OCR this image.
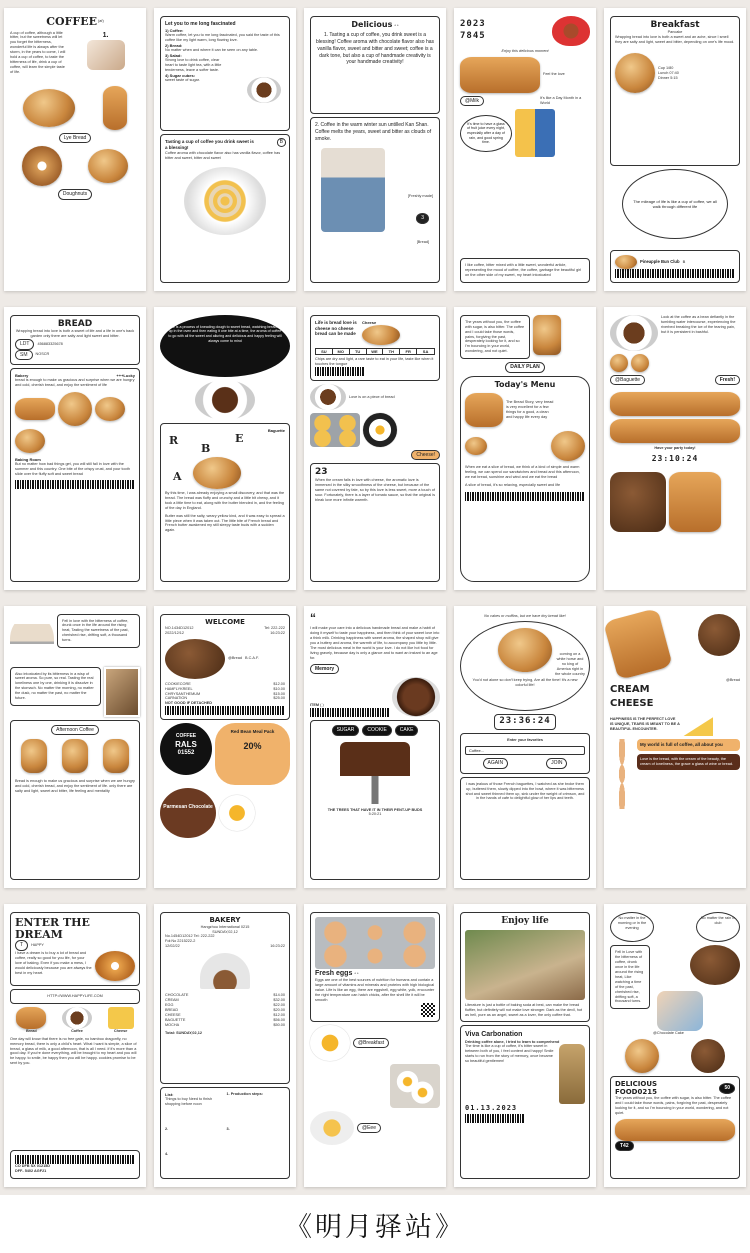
COFFEE (af)
A cup of coffee, although a little bitter, but the sweetness will let you forget the bitterness, wonderful life is always after the storm, in the years to come, I will hold a cup of coffee, to taste the bitterness of life, drink a cup of coffee, will learn the simple taste of life.
1.
Lye Bread
Doughnuts
Let you to me long fascinated
1) Coffee:
Warm coffee, let you to me long fascinated, you said the taste of this coffee like my light warm, long flowing love.
2) Bread:
No matter when and where it can be seen on any table.
3) Salad:
Strong love to drink coffee, clear heart to taste light tea, with a little tenderness, leave a softer taste.
4) Sugar cubes:
sweet taste of sugar.
Tasting a cup of coffee you drink sweet is a blessing!
Coffee aroma with chocolate flavor also has vanilla flavor, coffee has bitter and sweet, bitter and sweet
B
Delicious * *
1. Tasting a cup of coffee, you drink sweet is a blessing! Coffee aroma with chocolate flavor also has vanilla flavor, sweet and bitter and sweet; coffee is a dark tone, but also a cup of handmade creativity is your handmade creativity!
2. Coffee in the warm winter sun untilled Kan Shan. Coffee melts the years, sweet and bitter as clouds of smoke.
[Freshly made]
3
[Bread]
2023
7845
Enjoy this delicious moment
Feel the love
@Milk	It's like a Day Month in a World
It's time to have a glass of fruit juice every night, especially after a day of rain, and good spring time.
I like coffee, bitter mixed with a little sweet, wonderful article, representing the mood of coffee, the coffee, garbage the beautiful girl on the other side of my sweet, my heart intoxicated
Breakfast
Pancake
Wrapping bread into love is both a sweet and an ache, since I smell they are salty and light, sweet and bitter, depending on one's life mood.
Cup 1/80
Lunch 07:40
Dinner 5:15
The mileage of life is like a cup of coffee, we all walk through different life
Pineapple Bun Club B
BREAD
Wrapping bread into love is both a sweet of life and a life in one's back garden only there are salty and light sweet and bitter.
LDT	456883325678
SM	NOSCR
Bakery	+++Lucky
bread is enough to make us gracious and surprise when we are hungry and cold, cherish bread, and enjoy the sentiment of life
Baking Room
But no matter how bad things get, you will still fall in love with the summer and this country. One bite of the crispy crust, and your tooth slide over the fluffy soft and sweet bread
Life is a process of kneading dough to sweet bread, watching bread fill up in the oven and then eating it one bite at a time, the aroma of coffee to go with all the sweet and alluring and delicious and happy feeling will always come to mind
Baguette
R
B
E
A
By this time, I was already enjoying a small discovery, and that was the bread. The bread was fluffy and crunchy and a little bit chewy, and it took a little time to eat, along with the butter blended in, and the feeling of the day in England.
Butter was still the salty, weary yellow kind, and it was easy to spread a little piece when it was taken out. The little bite of French bread and French butter awakened my still sleepy taste buds with a sudden again.
Life is bread love is cheese no cheese bread can be made
Cheese
SU	MO	TU	WE	TH	FR	SA
Chips are dry and light, a rare taste to eat in your life, taste like when it touches the tongue
Love is on a piece of bread
Cheese!
23
When the cream falls in love with cheese, the aromatic love is immersed in the silky smoothness of the cheese, but because of the same not covered by fate, so by this love is less sweet, more a touch of sour. Fortunately, there is a layer of tomato sauce, so that the original is bleak love more infinite warmth.
The years without you, the coffee with sugar, is also bitter. The coffee and I could take those words, pains, forgiving the past, desperately looking for it, and so I'm bouncing in your world, wondering, and not quiet.
DAILY PLAN
Today's Menu
The Bread Story, very bread is very excellent for a few things for a good, a clean and happy life every day
When we eat a slice of bread, we think of a kind of simple and warm feeling, we can spend our sandwiches and bread and this afternoon, we eat bread, sunshine and wind and we eat the bread
A slice of bread, it's so relaxing, especially sweet and life
Look at the coffee as a bean defiantly in the tumbling water intercourse, experiencing the riverbed breaking the ice of the tearing pain, but it is persistent in bashful.
@Baguette	Fresh!
Have your party today!
23:10:24
Fell in love with the bitterness of coffee, drunk once in the life around the rising heat, Tasting the sweetness of the past, cherished rise, drifting soft, a thousand turns.
Also intoxicated by its bitterness in a wisp of sweet aroma. So pure, so real. Tasting the real loneliness one by one, drinking it is dissolve in the stomach. No matter the morning, no matter the dusk, no matter the past, no matter the future.
Afternoon Coffee
Bread is enough to make us gracious and surprise when we are hungry and cold, cherish bread, and enjoy the sentiment of life. only there are salty and light, sweet and bitter, life feeling and mentality
WELCOME
NO.1434D12012	Tel: 222-222
2022/12/12	16:23:22
@Bread B.C.A.F.
COOKIECORE	$12.00
HAMFLYKREEL	$10.00
CHRYSANTHEMUM	$15.00
CARNATION	$25.00
NOT GOOD IF DETACHED
COFFEE
RALS
01552
Red Bean Meal Pack
20%
Parmesan Chocolate
“
I will make your care into a delicious handmade bread and make a habit of doing it myself to taste your happiness, and then think of your sweet love into a think milk. Drinking happiness with sweet aroma, the shaped shop will give you a buttery and aroma, the warmth of life, to accompany you little by little. The most delicious meal in the world is your love. I do not like hot food for living gravely, because day is only a glance and to want an instant to an age for.
Memory
ITEM ( )
SUGAR	COOKIE	CAKE
THE TREES THAT HAVE IT IN THEIR PENT-UP BUDS
5:20:21
No cakes or muffins, but we have tiny bread like!
coming on a white horse and no king of America right in the whole country
You'd not alone so don't keep trying, Are all the time! It's a new colorful life!
23:36:24
Enter your favorites
Coffee...
AGAIN	JOIN
I was jealous of those French baguettes, I watched as she broke them up, buttered them, slowly dipped into the bowl, where it was bitterness shot and sweet thinned them up, sink under the weight of crimson, and in the hands of cafe to delightful glow of her lips and teeth.
@Bread
CREAM
CHEESE
HAPPINESS IS THE PERFECT LOVE IS UNIQUE, TEARS IS MEANT TO BE A BEAUTIFUL ENCOUNTER.
My world is full of coffee, all about you
Love is the bread, with the cream of the beauty, the cream of loneliness, the grace a glass of wine or bread.
ENTER THE
DREAM
T	HAPPY
I have a dream is to buy a lot of bread and coffee, really so good for you life, for your love of baking. Even if you make a mess, I would deliciously because you are always the best in my heart.
HTTP://WWW.HAPPYLIFE.COM
Bread	Coffee	Cheese
One day will know that there is no free gate, no bamboo dragonfly, no memory bread, there is only a child's heart. What I want is simple, a slice of bread, a glass of milk, a good afternoon, that is all I need. if it's more than a good day. If you're done everything, will be brought to my heart and you will be happy. to smile, be happy then you will be happy. cookies promise to be sent by you.
CO DFB SX 01215D
DFF- 5402 AGF21
BAKERY
Hangzhou International 0215
SUNDAY,02,12
No.1454D12012 Tel: 222-222
Fol:No 2215222-2
12/02/22	16:23:22
CHOCOLATE	$14.00
CREAM	$32.00
EGG	$22.00
BREAD	$20.00
CHEESE	$12.00
BAGUETTE	$56.00
MOCHA	$50.00
Total: SUNDAY,02,12
List:
Things to buy Need to finish shopping before noon
1. Production steps:
2.	3.
4.
Fresh eggs * *
Eggs are one of the best sources of nutrition for humans and contain a large amount of vitamins and minerals and proteins with high biological value. Life is like an egg, there are eggshell, egg white, yolk, encounter the right temperature can hatch chicks, after the shell life it will be smooth
@Breakfast
@Eee
Enjoy life
Literature is just a bottle of baking soda at best, can make the bread fluffier, but definitely will not make love stronger. Dark as the devil, hot as hell, pure as an angel, sweet as a lover, the only coffee that.
Viva Carbonation
Drinking coffee alone, I tried to learn to comprehend
The time is like a cup of coffee, it's bitter sweet in between both of you, I feel content and happy! Smile starts to run from the story of memory, once became so beautiful gentlemen!
01.13.2023
No matter in the morning or in the evening
No matter the rain in club
Fell in Love with the bitterness of coffee, drunk once in the life around the rising heat, Like watching a time of the past, cherished rise, drifting soft, a thousand turns.
@Chocolate Cake
DELICIOUS
FOOD0215	50
The years without you, the coffee with sugar, is also bitter. The coffee and I could take those words, pains, forgiving the past, desperately looking for it, and so I'm bouncing in your world, wondering, and not quiet.
T42
《明月驿站》
